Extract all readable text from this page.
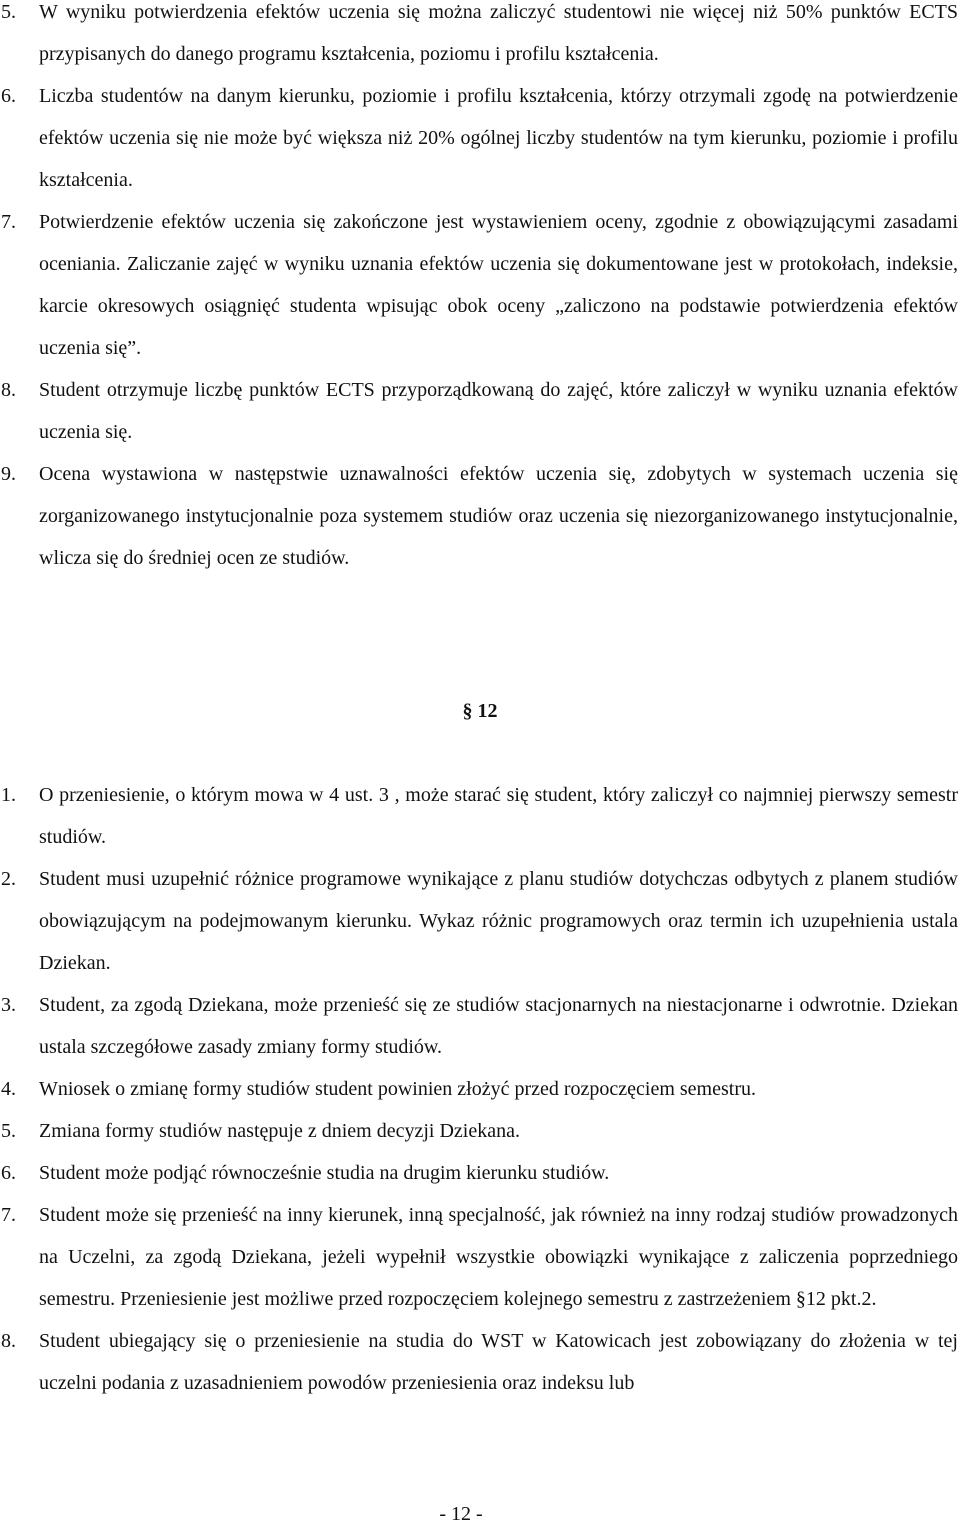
5. W wyniku potwierdzenia efektów uczenia się można zaliczyć studentowi nie więcej niż 50% punktów ECTS przypisanych do danego programu kształcenia, poziomu i profilu kształcenia.
6. Liczba studentów na danym kierunku, poziomie i profilu kształcenia, którzy otrzymali zgodę na potwierdzenie efektów uczenia się nie może być większa niż 20% ogólnej liczby studentów na tym kierunku, poziomie i profilu kształcenia.
7. Potwierdzenie efektów uczenia się zakończone jest wystawieniem oceny, zgodnie z obowiązującymi zasadami oceniania. Zaliczanie zajęć w wyniku uznania efektów uczenia się dokumentowane jest w protokołach, indeksie, karcie okresowych osiągnięć studenta wpisując obok oceny „zaliczono na podstawie potwierdzenia efektów uczenia się”.
8. Student otrzymuje liczbę punktów ECTS przyporządkowaną do zajęć, które zaliczył w wyniku uznania efektów uczenia się.
9. Ocena wystawiona w następstwie uznawalności efektów uczenia się, zdobytych w systemach uczenia się zorganizowanego instytucjonalnie poza systemem studiów oraz uczenia się niezorganizowanego instytucjonalnie, wlicza się do średniej ocen ze studiów.
§ 12
1. O przeniesienie, o którym mowa w 4 ust. 3 , może starać się student, który zaliczył co najmniej pierwszy semestr studiów.
2. Student musi uzupełnić różnice programowe wynikające z planu studiów dotychczas odbytych z planem studiów obowiązującym na podejmowanym kierunku. Wykaz różnic programowych oraz termin ich uzupełnienia ustala Dziekan.
3. Student, za zgodą Dziekana, może przenieść się ze studiów stacjonarnych na niestacjonarne i odwrotnie. Dziekan ustala szczegółowe zasady zmiany formy studiów.
4. Wniosek o zmianę formy studiów student powinien złożyć przed rozpoczęciem semestru.
5. Zmiana formy studiów następuje z dniem decyzji Dziekana.
6. Student może podjąć równocześnie studia na drugim kierunku studiów.
7. Student może się przenieść na inny kierunek, inną specjalność, jak również na inny rodzaj studiów prowadzonych na Uczelni, za zgodą Dziekana, jeżeli wypełnił wszystkie obowiązki wynikające z zaliczenia poprzedniego semestru. Przeniesienie jest możliwe przed rozpoczęciem kolejnego semestru z zastrzeżeniem §12 pkt.2.
8. Student ubiegający się o przeniesienie na studia do WST w Katowicach jest zobowiązany do złożenia w tej uczelni podania z uzasadnieniem powodów przeniesienia oraz indeksu lub
- 12 -
